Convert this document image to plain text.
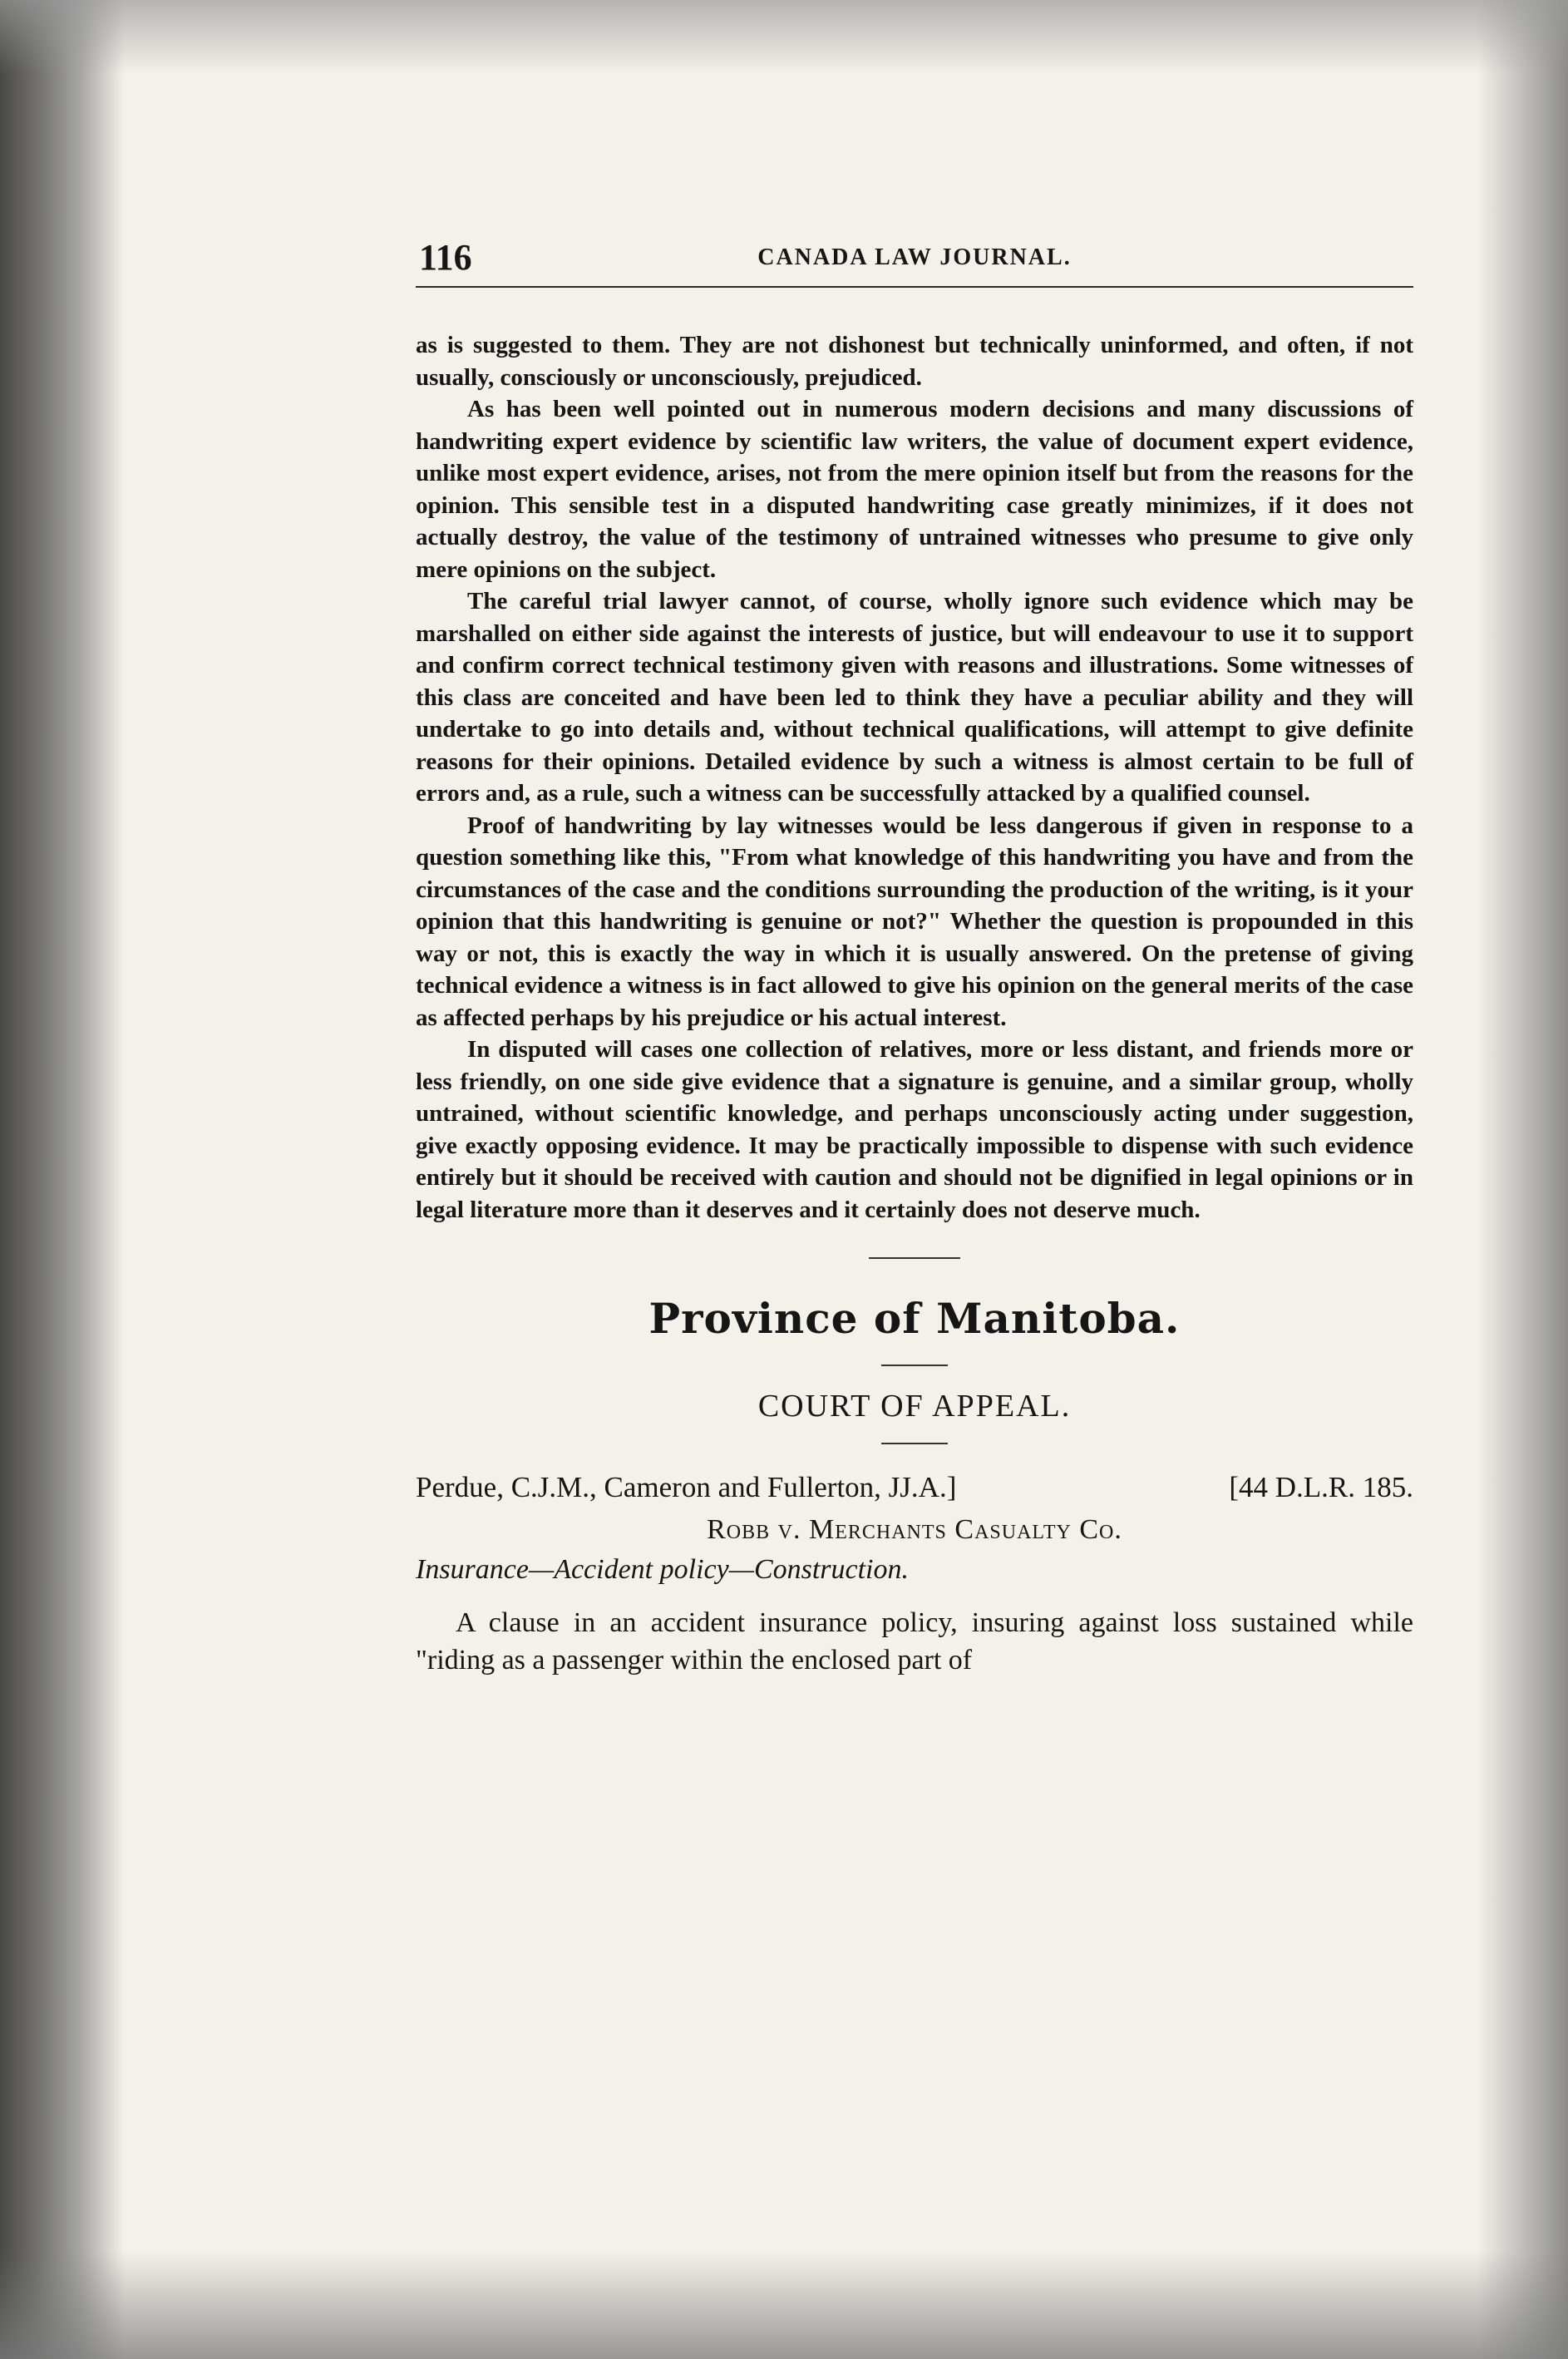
116	CANADA LAW JOURNAL.

as is suggested to them. They are not dishonest but technically uninformed, and often, if not usually, consciously or unconsciously, prejudiced.

As has been well pointed out in numerous modern decisions and many discussions of handwriting expert evidence by scientific law writers, the value of document expert evidence, unlike most expert evidence, arises, not from the mere opinion itself but from the reasons for the opinion. This sensible test in a disputed handwriting case greatly minimizes, if it does not actually destroy, the value of the testimony of untrained witnesses who presume to give only mere opinions on the subject.

The careful trial lawyer cannot, of course, wholly ignore such evidence which may be marshalled on either side against the interests of justice, but will endeavour to use it to support and confirm correct technical testimony given with reasons and illustrations. Some witnesses of this class are conceited and have been led to think they have a peculiar ability and they will undertake to go into details and, without technical qualifications, will attempt to give definite reasons for their opinions. Detailed evidence by such a witness is almost certain to be full of errors and, as a rule, such a witness can be successfully attacked by a qualified counsel.

Proof of handwriting by lay witnesses would be less dangerous if given in response to a question something like this, "From what knowledge of this handwriting you have and from the circumstances of the case and the conditions surrounding the production of the writing, is it your opinion that this handwriting is genuine or not?" Whether the question is propounded in this way or not, this is exactly the way in which it is usually answered. On the pretense of giving technical evidence a witness is in fact allowed to give his opinion on the general merits of the case as affected perhaps by his prejudice or his actual interest.

In disputed will cases one collection of relatives, more or less distant, and friends more or less friendly, on one side give evidence that a signature is genuine, and a similar group, wholly untrained, without scientific knowledge, and perhaps unconsciously acting under suggestion, give exactly opposing evidence. It may be practically impossible to dispense with such evidence entirely but it should be received with caution and should not be dignified in legal opinions or in legal literature more than it deserves and it certainly does not deserve much.

Province of Manitoba.
COURT OF APPEAL.
Perdue, C.J.M., Cameron and Fullerton, JJ.A.]	[44 D.L.R. 185.
Robb v. Merchants Casualty Co.
Insurance—Accident policy—Construction.

A clause in an accident insurance policy, insuring against loss sustained while "riding as a passenger within the enclosed part of
